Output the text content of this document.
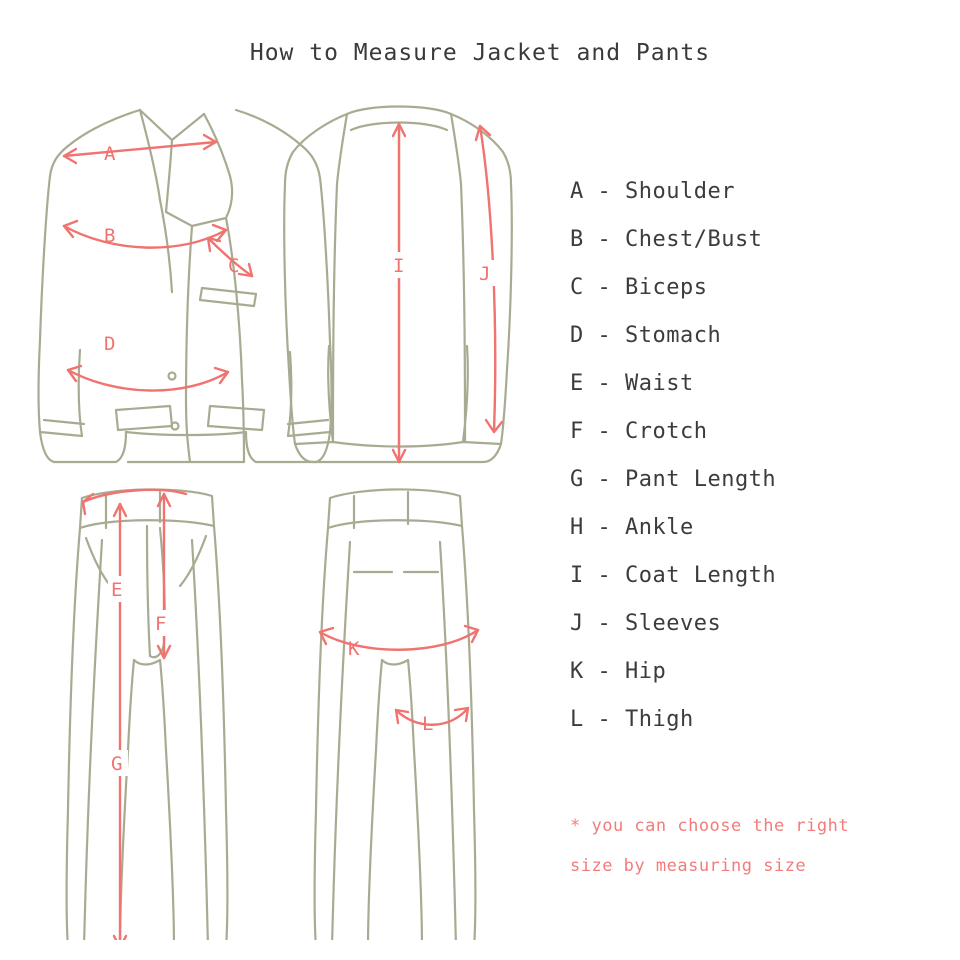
How to Measure Jacket and Pants
A
B
C
D
I	J
E
F
G
K
L
A - Shoulder
B - Chest/Bust
C - Biceps
D - Stomach
E - Waist
F - Crotch
G - Pant Length
H - Ankle
I - Coat Length
J - Sleeves
K - Hip
L - Thigh
* you can choose the right
size by measuring size
